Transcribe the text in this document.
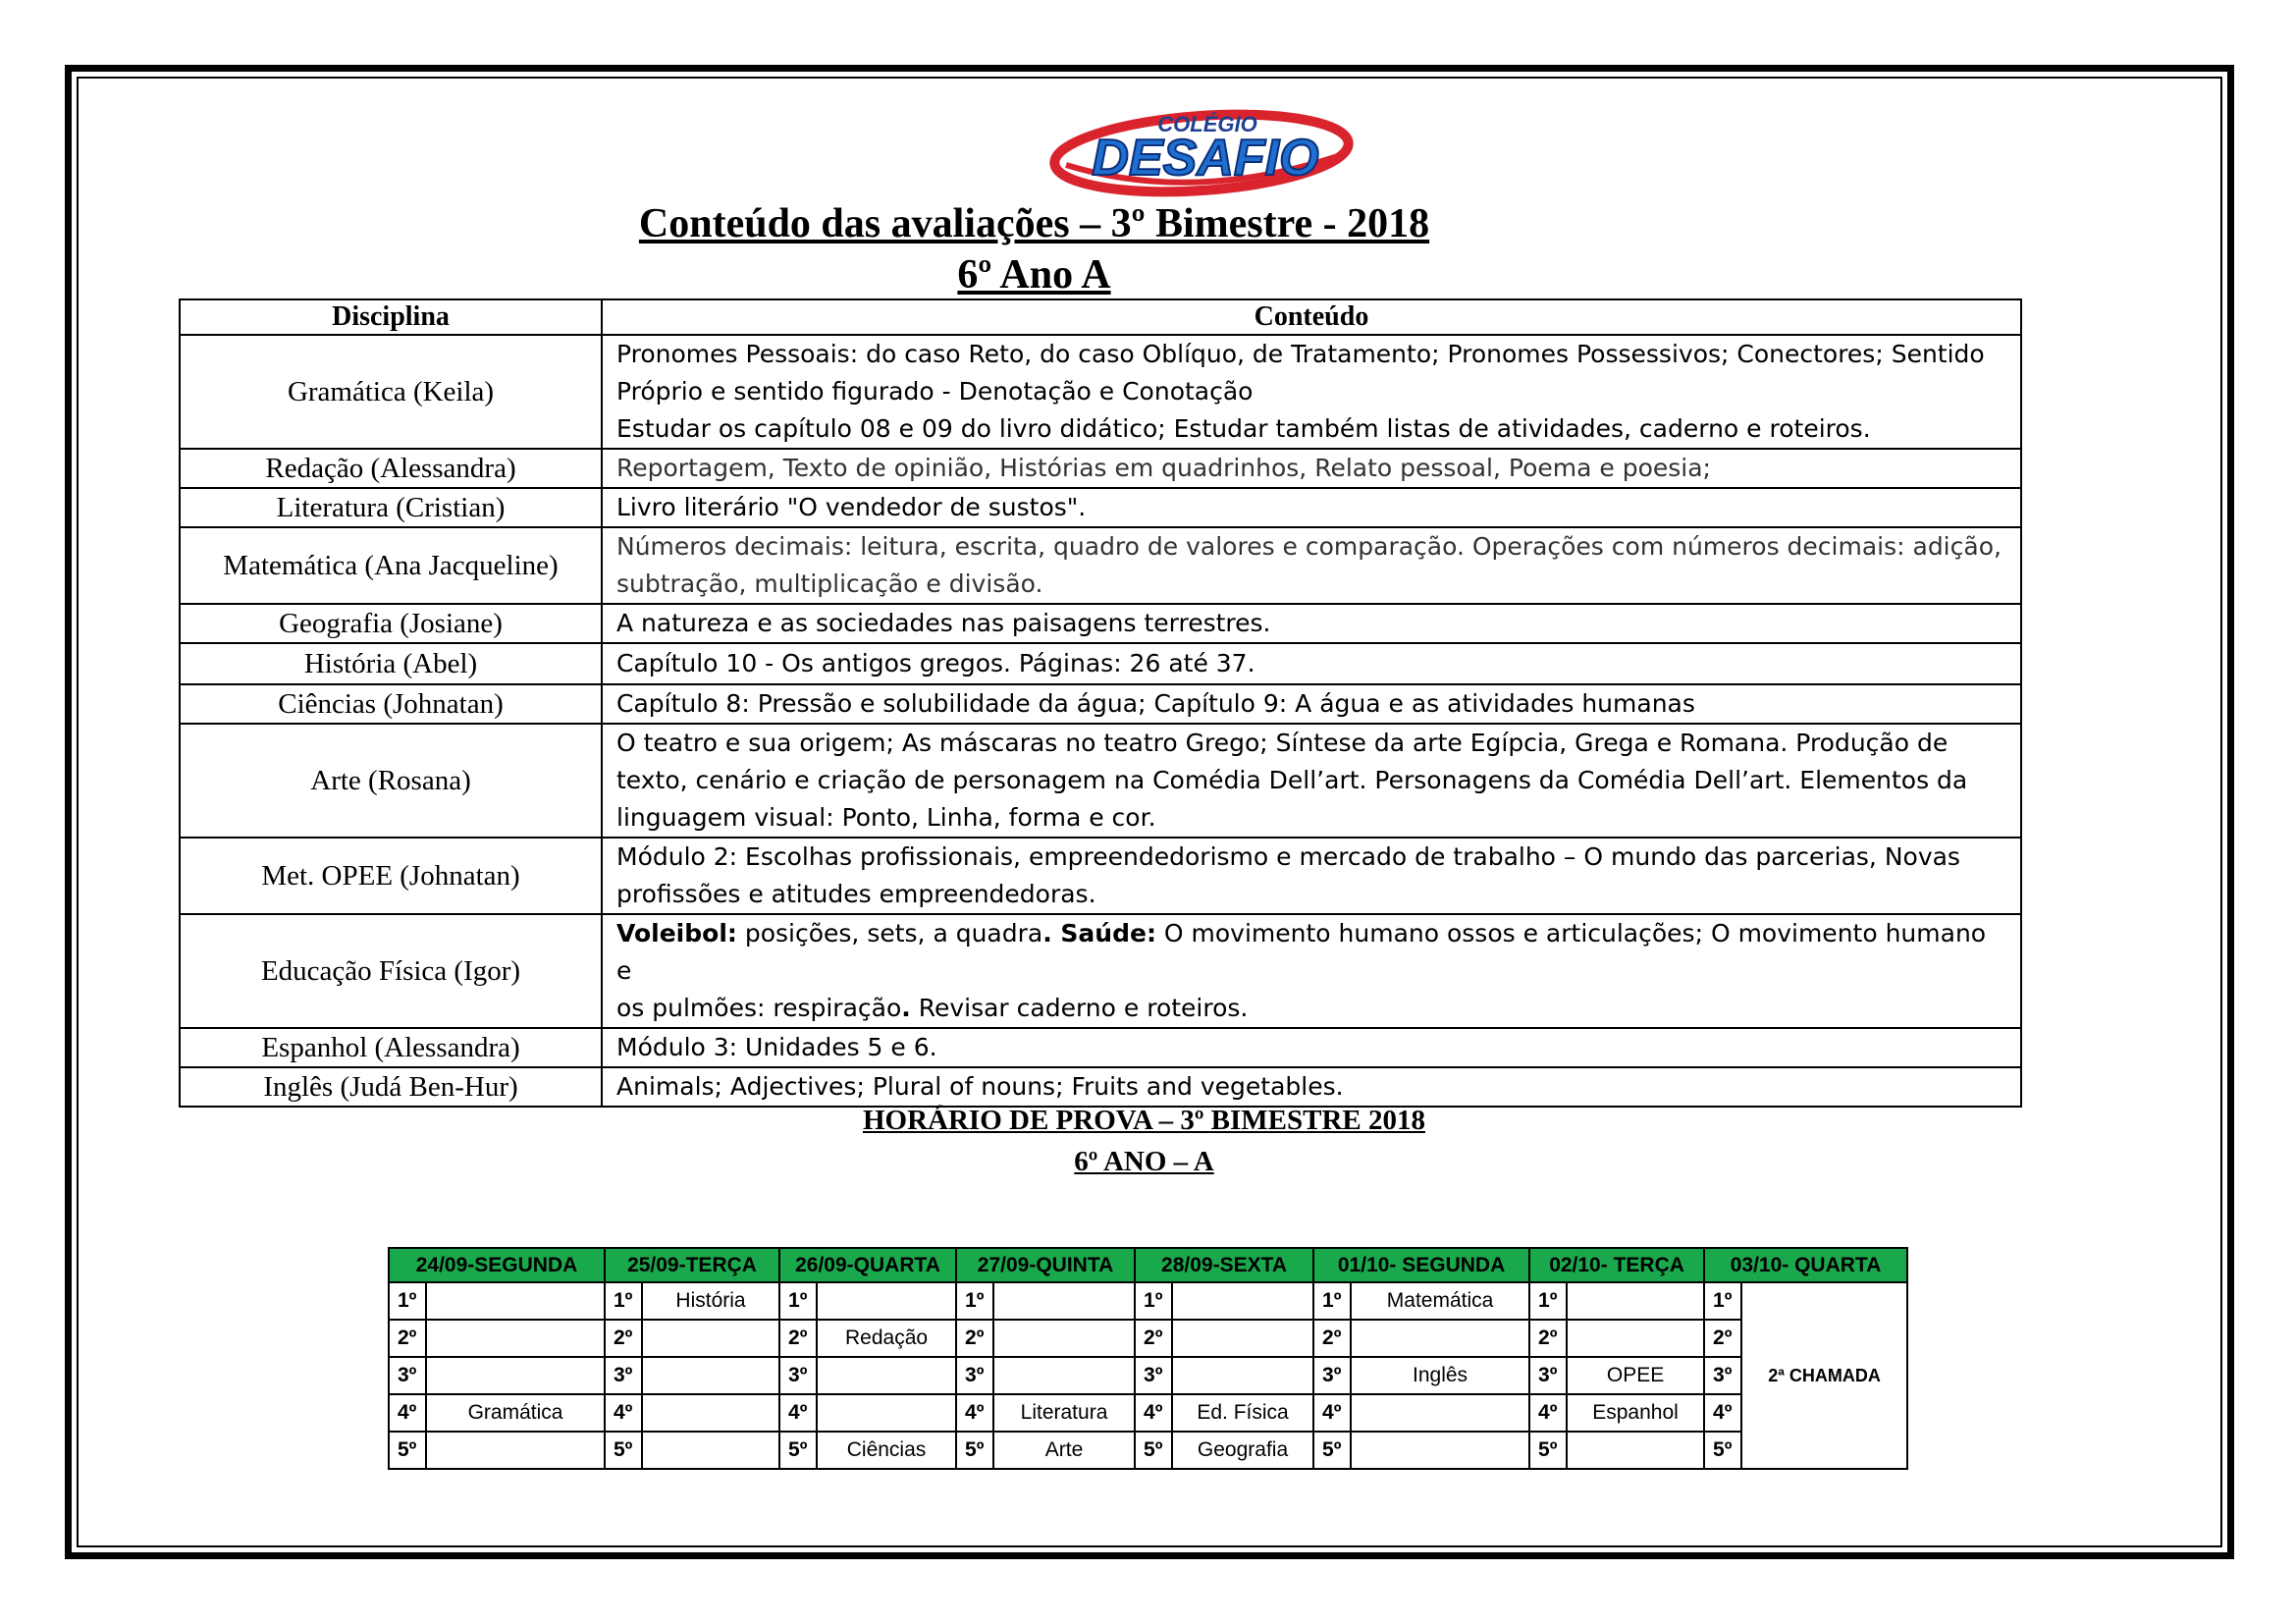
COLÉGIO
DESAFIO
Conteúdo das avaliações – 3º Bimestre - 2018
6º Ano A
Disciplina	Conteúdo
Gramática (Keila)	Pronomes Pessoais: do caso Reto, do caso Oblíquo, de Tratamento; Pronomes Possessivos; Conectores; Sentido
Próprio e sentido figurado - Denotação e Conotação
Estudar os capítulo 08 e 09 do livro didático; Estudar também listas de atividades, caderno e roteiros.

Redação (Alessandra)	Reportagem, Texto de opinião, Histórias em quadrinhos, Relato pessoal, Poema e poesia;

Literatura (Cristian)	Livro literário "O vendedor de sustos".

Matemática (Ana Jacqueline)	Números decimais: leitura, escrita, quadro de valores e comparação. Operações com números decimais: adição,
subtração, multiplicação e divisão.

Geografia (Josiane)	A natureza e as sociedades nas paisagens terrestres.

História (Abel)	Capítulo 10 - Os antigos gregos. Páginas: 26 até 37.

Ciências (Johnatan)	Capítulo 8: Pressão e solubilidade da água; Capítulo 9: A água e as atividades humanas

Arte (Rosana)	O teatro e sua origem; As máscaras no teatro Grego; Síntese da arte Egípcia, Grega e Romana. Produção de
texto, cenário e criação de personagem na Comédia Dell’art. Personagens da Comédia Dell’art. Elementos da
linguagem visual: Ponto, Linha, forma e cor.

Met. OPEE (Johnatan)	Módulo 2: Escolhas profissionais, empreendedorismo e mercado de trabalho – O mundo das parcerias, Novas
profissões e atitudes empreendedoras.

Educação Física (Igor)	Voleibol: posições, sets, a quadra. Saúde: O movimento humano ossos e articulações; O movimento humano e
os pulmões: respiração. Revisar caderno e roteiros.

Espanhol (Alessandra)	Módulo 3: Unidades 5 e 6.

Inglês (Judá Ben-Hur)	Animals; Adjectives; Plural of nouns; Fruits and vegetables.
HORÁRIO DE PROVA – 3º BIMESTRE 2018
6º ANO – A
24/09-SEGUNDA		25/09-TERÇA		26/09-QUARTA		27/09-QUINTA		28/09-SEXTA		01/10- SEGUNDA		02/10- TERÇA		03/10- QUARTA	
1º		1º	História	1º		1º		1º		1º	Matemática	1º		1º	2ª CHAMADA
2º		2º		2º	Redação	2º		2º		2º		2º		2º	
3º		3º		3º		3º		3º		3º	Inglês	3º	OPEE	3º	
4º	Gramática	4º		4º		4º	Literatura	4º	Ed. Física	4º		4º	Espanhol	4º	
5º		5º		5º	Ciências	5º	Arte	5º	Geografia	5º		5º		5º	
